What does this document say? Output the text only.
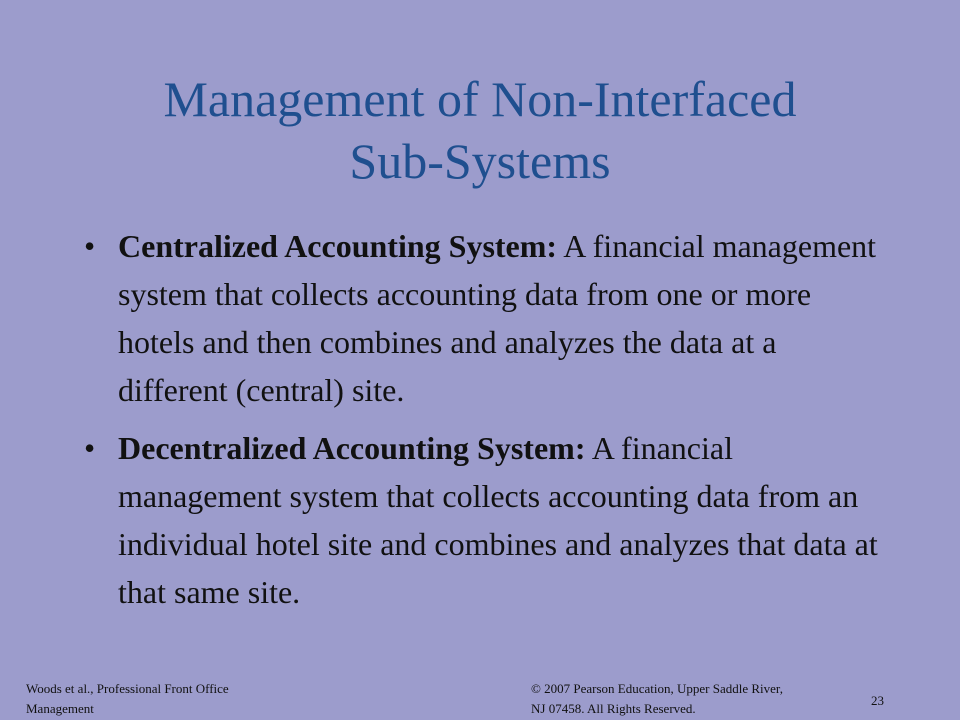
Management of Non-Interfaced
Sub-Systems
• Centralized Accounting System: A financial management system that collects accounting data from one or more hotels and then combines and analyzes the data at a different (central) site.
• Decentralized Accounting System: A financial management system that collects accounting data from an individual hotel site and combines and analyzes that data at that same site.
Woods et al., Professional Front Office
Management
© 2007 Pearson Education, Upper Saddle River,
NJ 07458. All Rights Reserved.
23
